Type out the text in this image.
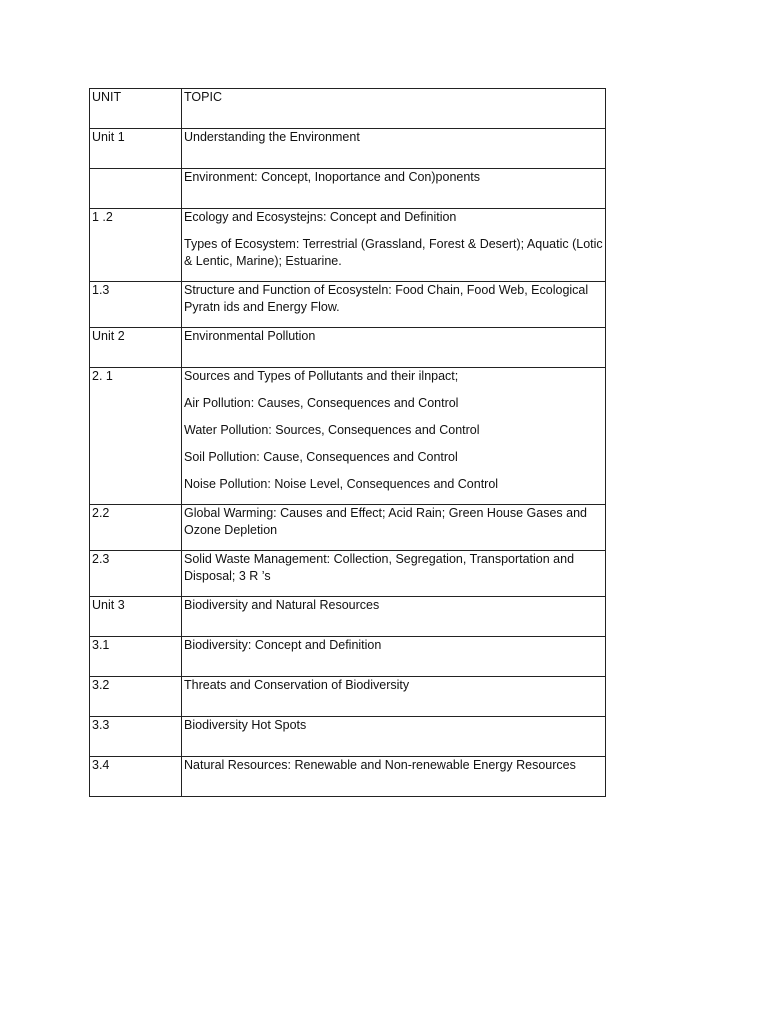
UNIT	TOPIC

Unit 1	Understanding the Environment

	Environment: Concept, Inoportance and Con)ponents

1 .2	Ecology and Ecosystejns: Concept and Definition
Types of Ecosystem: Terrestrial (Grassland, Forest & Desert); Aquatic (Lotic & Lentic, Marine); Estuarine.

1.3	Structure and Function of Ecosysteln: Food Chain, Food Web, Ecological Pyratn ids and Energy Flow.

Unit 2	Environmental Pollution

2. 1	Sources and Types of Pollutants and their ilnpact;
Air Pollution: Causes, Consequences and Control
Water Pollution: Sources, Consequences and Control
Soil Pollution: Cause, Consequences and Control
Noise Pollution: Noise Level, Consequences and Control

2.2	Global Warming: Causes and Effect; Acid Rain; Green House Gases and Ozone Depletion

2.3	Solid Waste Management: Collection, Segregation, Transportation and Disposal; 3 R ’s

Unit 3	Biodiversity and Natural Resources

3.1	Biodiversity: Concept and Definition

3.2	Threats and Conservation of Biodiversity

3.3	Biodiversity Hot Spots

3.4	Natural Resources: Renewable and Non-renewable Energy Resources
